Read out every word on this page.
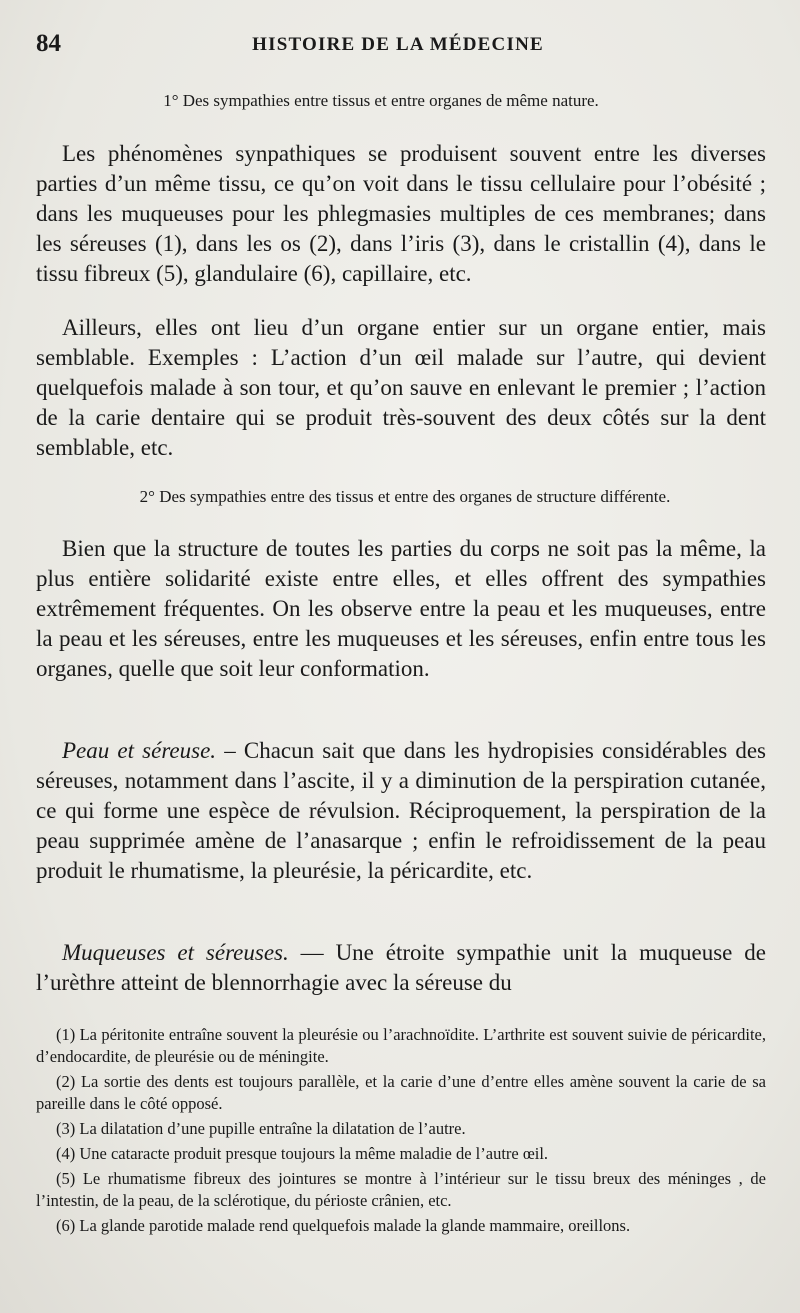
84	HISTOIRE DE LA MÉDECINE
1° Des sympathies entre tissus et entre organes de même nature.

Les phénomènes synpathiques se produisent souvent entre les diverses parties d’un même tissu, ce qu’on voit dans le tissu cellulaire pour l’obésité ; dans les muqueuses pour les phlegmasies multiples de ces membranes; dans les séreuses (1), dans les os (2), dans l’iris (3), dans le cristallin (4), dans le tissu fibreux (5), glandulaire (6), capillaire, etc.

Ailleurs, elles ont lieu d’un organe entier sur un organe entier, mais semblable. Exemples : L’action d’un œil malade sur l’autre, qui devient quelquefois malade à son tour, et qu’on sauve en enlevant le premier ; l’action de la carie dentaire qui se produit très-souvent des deux côtés sur la dent semblable, etc.

2° Des sympathies entre des tissus et entre des organes de structure différente.

Bien que la structure de toutes les parties du corps ne soit pas la même, la plus entière solidarité existe entre elles, et elles offrent des sympathies extrêmement fréquentes. On les observe entre la peau et les muqueuses, entre la peau et les séreuses, entre les muqueuses et les séreuses, enfin entre tous les organes, quelle que soit leur conformation.

Peau et séreuse. – Chacun sait que dans les hydropisies considérables des séreuses, notamment dans l’ascite, il y a diminution de la perspiration cutanée, ce qui forme une espèce de révulsion. Réciproquement, la perspiration de la peau supprimée amène de l’anasarque ; enfin le refroidissement de la peau produit le rhumatisme, la pleurésie, la péricardite, etc.

Muqueuses et séreuses. — Une étroite sympathie unit la muqueuse de l’urèthre atteint de blennorrhagie avec la séreuse du

(1) La péritonite entraîne souvent la pleurésie ou l’arachnoïdite. L’arthrite est souvent suivie de péricardite, d’endocardite, de pleurésie ou de méningite.

(2) La sortie des dents est toujours parallèle, et la carie d’une d’entre elles amène souvent la carie de sa pareille dans le côté opposé.

(3) La dilatation d’une pupille entraîne la dilatation de l’autre.

(4) Une cataracte produit presque toujours la même maladie de l’autre œil.

(5) Le rhumatisme fibreux des jointures se montre à l’intérieur sur le tissu breux des méninges , de l’intestin, de la peau, de la sclérotique, du périoste crânien, etc.

(6) La glande parotide malade rend quelquefois malade la glande mammaire, oreillons.
